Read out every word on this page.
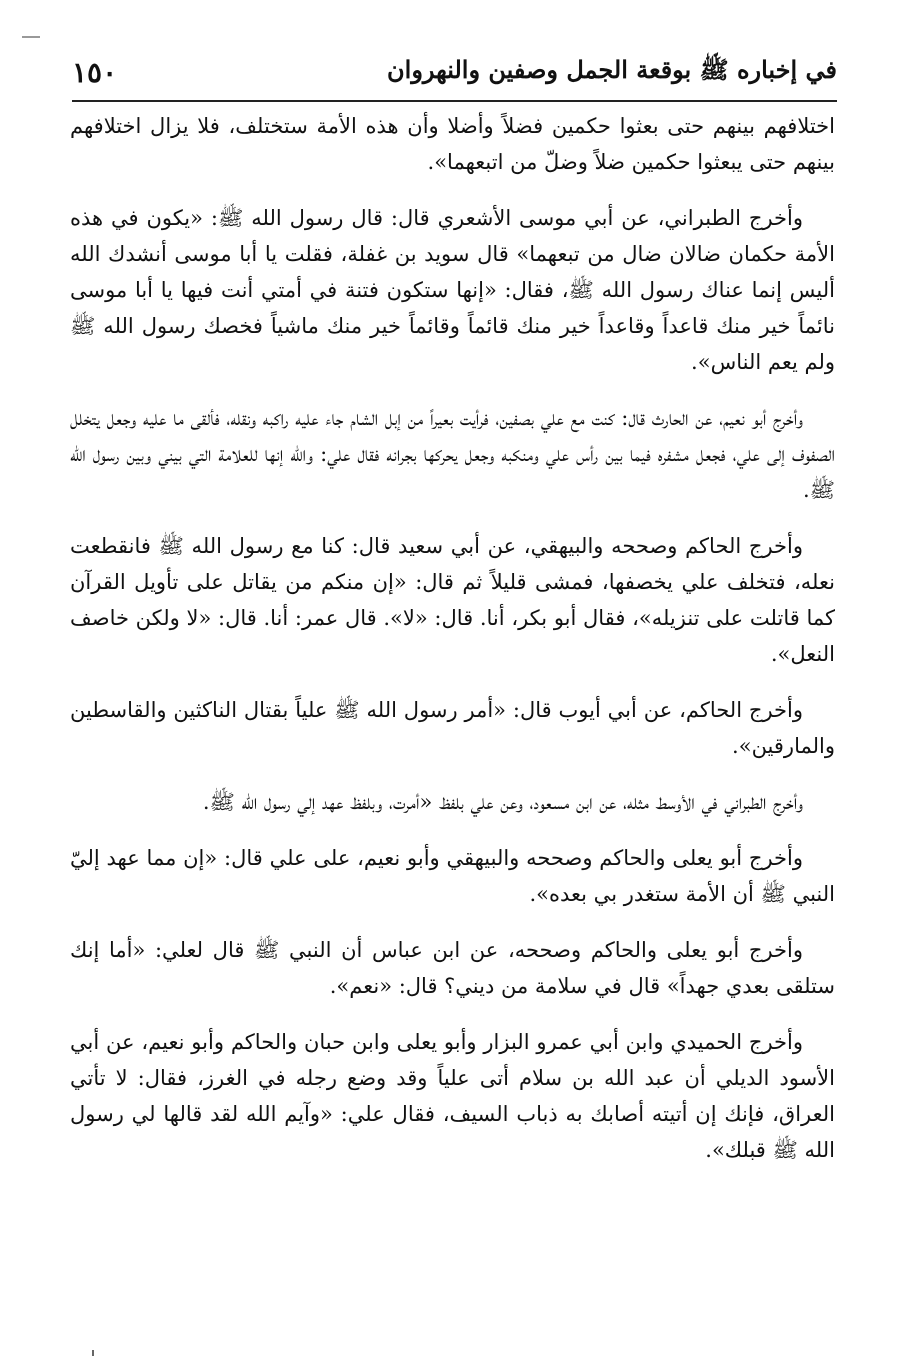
في إخباره ﷺ بوقعة الجمل وصفين والنهروان
١٥٠

اختلافهم بينهم حتى بعثوا حكمين فضلاً وأضلا وأن هذه الأمة ستختلف، فلا يزال اختلافهم بينهم حتى يبعثوا حكمين ضلاً وضلّ من اتبعهما».

وأخرج الطبراني، عن أبي موسى الأشعري قال: قال رسول الله ﷺ: «يكون في هذه الأمة حكمان ضالان ضال من تبعهما» قال سويد بن غفلة، فقلت يا أبا موسى أنشدك الله أليس إنما عناك رسول الله ﷺ، فقال: «إنها ستكون فتنة في أمتي أنت فيها يا أبا موسى نائماً خير منك قاعداً وقاعداً خير منك قائماً وقائماً خير منك ماشياً فخصك رسول الله ﷺ ولم يعم الناس».

وأخرج أبو نعيم، عن الحارث قال: كنت مع علي بصفين، فرأيت بعيراً من إبل الشام جاء عليه راكبه ونقله، فألقى ما عليه وجعل يتخلل الصفوف إلى علي، فجعل مشفره فيما بين رأس علي ومنكبه وجعل يحركها بجرانه فقال علي: والله إنها للعلامة التي بيني وبين رسول الله ﷺ.

وأخرج الحاكم وصححه والبيهقي، عن أبي سعيد قال: كنا مع رسول الله ﷺ فانقطعت نعله، فتخلف علي يخصفها، فمشى قليلاً ثم قال: «إن منكم من يقاتل على تأويل القرآن كما قاتلت على تنزيله»، فقال أبو بكر، أنا. قال: «لا». قال عمر: أنا. قال: «لا ولكن خاصف النعل».

وأخرج الحاكم، عن أبي أيوب قال: «أمر رسول الله ﷺ علياً بقتال الناكثين والقاسطين والمارقين».

وأخرج الطبراني في الأوسط مثله، عن ابن مسعود، وعن علي بلفظ «أمرت، وبلفظ عهد إلي رسول الله ﷺ.

وأخرج أبو يعلى والحاكم وصححه والبيهقي وأبو نعيم، على علي قال: «إن مما عهد إليّ النبي ﷺ أن الأمة ستغدر بي بعده».

وأخرج أبو يعلى والحاكم وصححه، عن ابن عباس أن النبي ﷺ قال لعلي: «أما إنك ستلقى بعدي جهداً» قال في سلامة من ديني؟ قال: «نعم».

وأخرج الحميدي وابن أبي عمرو البزار وأبو يعلى وابن حبان والحاكم وأبو نعيم، عن أبي الأسود الديلي أن عبد الله بن سلام أتى علياً وقد وضع رجله في الغرز، فقال: لا تأتي العراق، فإنك إن أتيته أصابك به ذباب السيف، فقال علي: «وآيم الله لقد قالها لي رسول الله ﷺ قبلك».
